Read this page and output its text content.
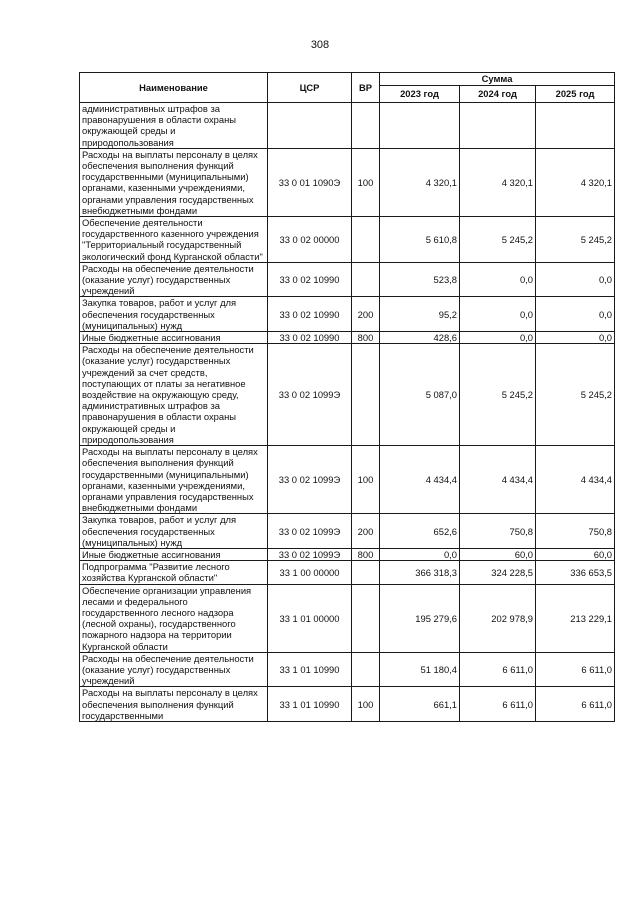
308
Наименование	ЦСР	ВР	Сумма		
			2023 год	2024 год	2025 год
административных штрафов за правонарушения в области охраны окружающей среды и природопользования					
Расходы на выплаты персоналу в целях обеспечения выполнения функций государственными (муниципальными) органами, казенными учреждениями, органами управления государственных внебюджетными фондами	33 0 01 1090Э	100	4 320,1	4 320,1	4 320,1
Обеспечение деятельности государственного казенного учреждения "Территориальный государственный экологический фонд Курганской области"	33 0 02 00000		5 610,8	5 245,2	5 245,2
Расходы на обеспечение деятельности (оказание услуг) государственных учреждений	33 0 02 10990		523,8	0,0	0,0
Закупка товаров, работ и услуг для обеспечения государственных (муниципальных) нужд	33 0 02 10990	200	95,2	0,0	0,0
Иные бюджетные ассигнования	33 0 02 10990	800	428,6	0,0	0,0
Расходы на обеспечение деятельности (оказание услуг) государственных учреждений за счет средств, поступающих от платы за негативное воздействие на окружающую среду, административных штрафов за правонарушения в области охраны окружающей среды и природопользования	33 0 02 1099Э		5 087,0	5 245,2	5 245,2
Расходы на выплаты персоналу в целях обеспечения выполнения функций государственными (муниципальными) органами, казенными учреждениями, органами управления государственных внебюджетными фондами	33 0 02 1099Э	100	4 434,4	4 434,4	4 434,4
Закупка товаров, работ и услуг для обеспечения государственных (муниципальных) нужд	33 0 02 1099Э	200	652,6	750,8	750,8
Иные бюджетные ассигнования	33 0 02 1099Э	800	0,0	60,0	60,0
Подпрограмма "Развитие лесного хозяйства Курганской области"	33 1 00 00000		366 318,3	324 228,5	336 653,5
Обеспечение организации управления лесами и федерального государственного лесного надзора (лесной охраны), государственного пожарного надзора на территории Курганской области	33 1 01 00000		195 279,6	202 978,9	213 229,1
Расходы на обеспечение деятельности (оказание услуг) государственных учреждений	33 1 01 10990		51 180,4	6 611,0	6 611,0
Расходы на выплаты персоналу в целях обеспечения выполнения функций государственными	33 1 01 10990	100	661,1	6 611,0	6 611,0
